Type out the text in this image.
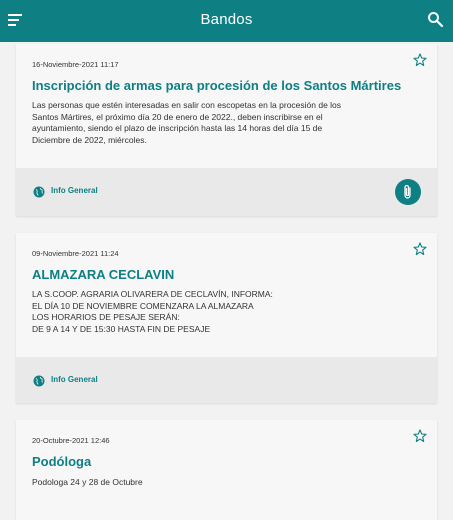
Bandos
16-Noviembre-2021 11:17
Inscripción de armas para procesión de los Santos Mártires
Las personas que estén interesadas en salir con escopetas en la procesión de los
Santos Mártires, el próximo día 20 de enero de 2022., deben inscribirse en el
ayuntamiento, siendo el plazo de inscripción hasta las 14 horas del día 15 de
Diciembre de 2022, miércoles.
Info General
09-Noviembre-2021 11:24
ALMAZARA CECLAVIN
LA S.COOP. AGRARIA OLIVARERA DE CECLAVÍN, INFORMA:
EL DÍA 10 DE NOVIEMBRE COMENZARA LA ALMAZARA
LOS HORARIOS DE PESAJE SERÁN:
DE 9 A 14 Y DE 15:30 HASTA FIN DE PESAJE
Info General
20-Octubre-2021 12:46
Podóloga
Podologa 24 y 28 de Octubre
